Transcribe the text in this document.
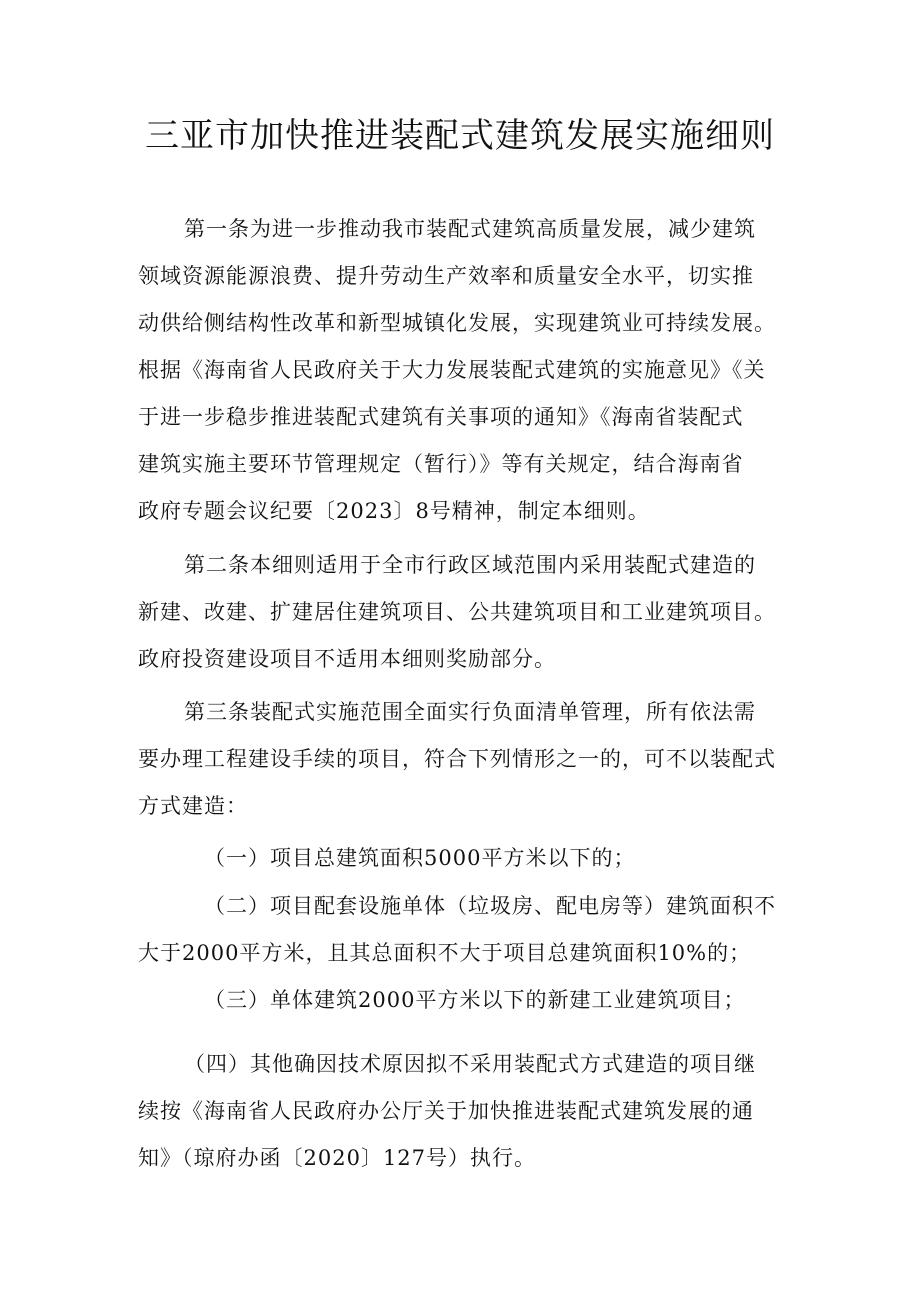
三亚市加快推进装配式建筑发展实施细则
第一条为进一步推动我市装配式建筑高质量发展，减少建筑
领域资源能源浪费、提升劳动生产效率和质量安全水平，切实推
动供给侧结构性改革和新型城镇化发展，实现建筑业可持续发展。
根据《海南省人民政府关于大力发展装配式建筑的实施意见》《关
于进一步稳步推进装配式建筑有关事项的通知》《海南省装配式
建筑实施主要环节管理规定（暂行）》等有关规定，结合海南省
政府专题会议纪要〔2023〕8号精神，制定本细则。
第二条本细则适用于全市行政区域范围内采用装配式建造的
新建、改建、扩建居住建筑项目、公共建筑项目和工业建筑项目。
政府投资建设项目不适用本细则奖励部分。
第三条装配式实施范围全面实行负面清单管理，所有依法需
要办理工程建设手续的项目，符合下列情形之一的，可不以装配式
方式建造：
（一）项目总建筑面积5000平方米以下的；
（二）项目配套设施单体（垃圾房、配电房等）建筑面积不
大于2000平方米，且其总面积不大于项目总建筑面积10%的；
（三）单体建筑2000平方米以下的新建工业建筑项目；
（四）其他确因技术原因拟不采用装配式方式建造的项目继
续按《海南省人民政府办公厅关于加快推进装配式建筑发展的通
知》（琼府办函〔2020〕127号）执行。
